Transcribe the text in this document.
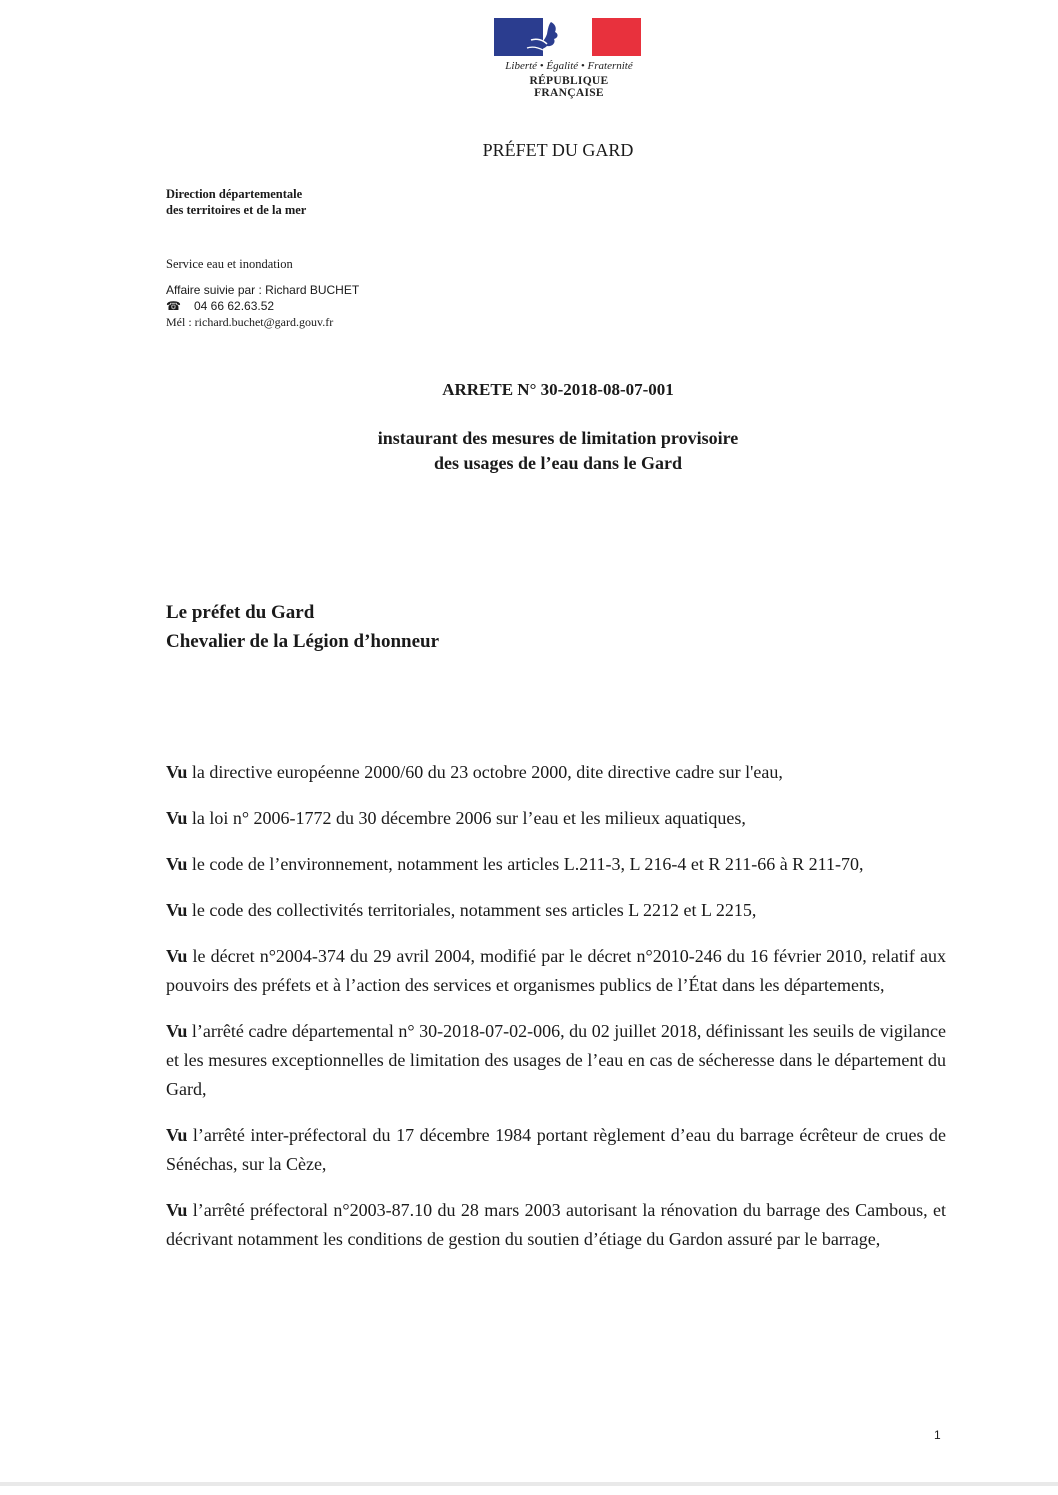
Liberté • Égalité • Fraternité
RÉPUBLIQUE FRANÇAISE
PRÉFET DU GARD
Direction départementale
des territoires et de la mer
Service eau et inondation
Affaire suivie par : Richard BUCHET
☎ 04 66 62.63.52
Mél : richard.buchet@gard.gouv.fr
ARRETE N° 30-2018-08-07-001
instaurant des mesures de limitation provisoire
des usages de l’eau dans le Gard
Le préfet du Gard
Chevalier de la Légion d’honneur

Vu la directive européenne 2000/60 du 23 octobre 2000, dite directive cadre sur l'eau,

Vu la loi n° 2006-1772 du 30 décembre 2006 sur l’eau et les milieux aquatiques,

Vu le code de l’environnement, notamment les articles L.211-3, L 216-4 et R 211-66 à R 211-70,

Vu le code des collectivités territoriales, notamment ses articles L 2212 et L 2215,

Vu le décret n°2004-374 du 29 avril 2004, modifié par le décret n°2010-246 du 16 février 2010, relatif aux pouvoirs des préfets et à l’action des services et organismes publics de l’État dans les départements,

Vu l’arrêté cadre départemental n° 30-2018-07-02-006, du 02 juillet 2018, définissant les seuils de vigilance et les mesures exceptionnelles de limitation des usages de l’eau en cas de sécheresse dans le département du Gard,

Vu l’arrêté inter-préfectoral du 17 décembre 1984 portant règlement d’eau du barrage écrêteur de crues de Sénéchas, sur la Cèze,

Vu l’arrêté préfectoral n°2003-87.10 du 28 mars 2003 autorisant la rénovation du barrage des Cambous, et décrivant notamment les conditions de gestion du soutien d’étiage du Gardon assuré par le barrage,

1
